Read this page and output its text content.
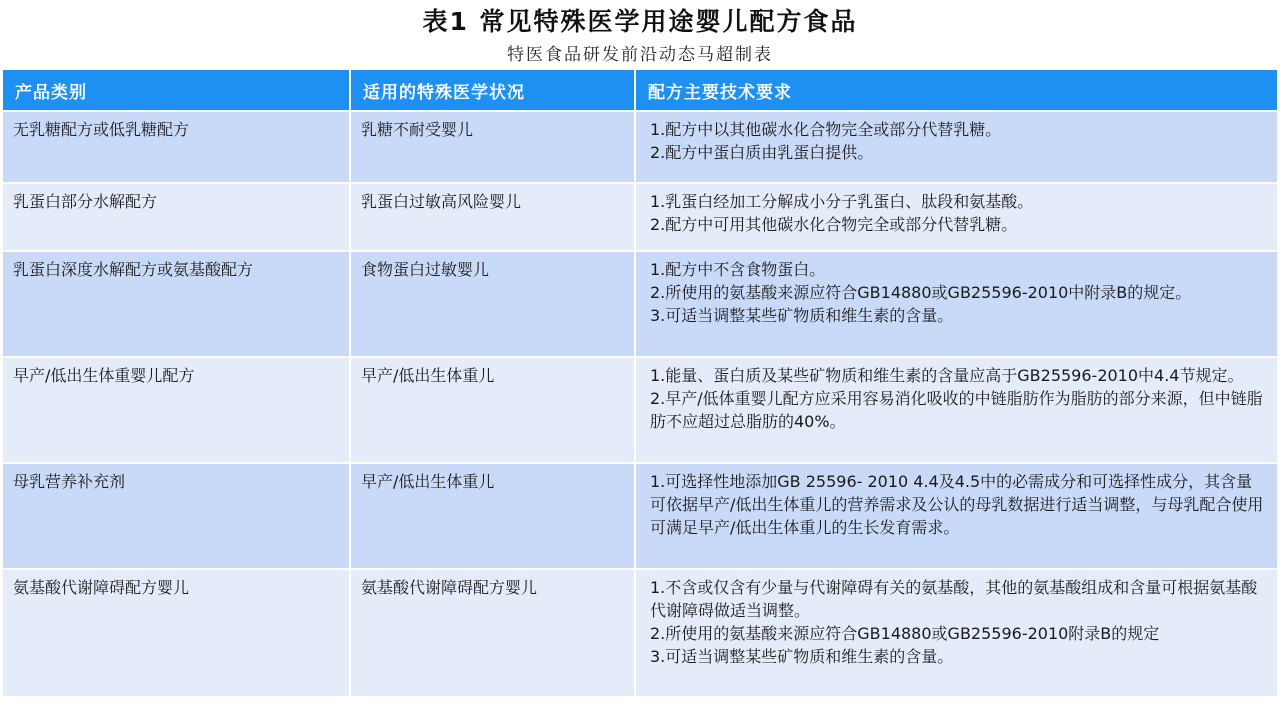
表1 常见特殊医学用途婴儿配方食品
特医食品研发前沿动态马超制表
产品类别	适用的特殊医学状况	配方主要技术要求
无乳糖配方或低乳糖配方	乳糖不耐受婴儿	1.配方中以其他碳水化合物完全或部分代替乳糖。
2.配方中蛋白质由乳蛋白提供。

乳蛋白部分水解配方	乳蛋白过敏高风险婴儿	1.乳蛋白经加工分解成小分子乳蛋白、肽段和氨基酸。
2.配方中可用其他碳水化合物完全或部分代替乳糖。

乳蛋白深度水解配方或氨基酸配方	食物蛋白过敏婴儿	1.配方中不含食物蛋白。
2.所使用的氨基酸来源应符合GB14880或GB25596-2010中附录B的规定。
3.可适当调整某些矿物质和维生素的含量。

早产/低出生体重婴儿配方	早产/低出生体重儿	1.能量、蛋白质及某些矿物质和维生素的含量应高于GB25596-2010中4.4节规定。
2.早产/低体重婴儿配方应采用容易消化吸收的中链脂肪作为脂肪的部分来源，但中链脂肪不应超过总脂肪的40%。

母乳营养补充剂	早产/低出生体重儿	1.可选择性地添加GB 25596- 2010 4.4及4.5中的必需成分和可选择性成分，其含量可依据早产/低出生体重儿的营养需求及公认的母乳数据进行适当调整，与母乳配合使用可满足早产/低出生体重儿的生长发育需求。

氨基酸代谢障碍配方婴儿	氨基酸代谢障碍配方婴儿	1.不含或仅含有少量与代谢障碍有关的氨基酸，其他的氨基酸组成和含量可根据氨基酸代谢障碍做适当调整。
2.所使用的氨基酸来源应符合GB14880或GB25596-2010附录B的规定
3.可适当调整某些矿物质和维生素的含量。
